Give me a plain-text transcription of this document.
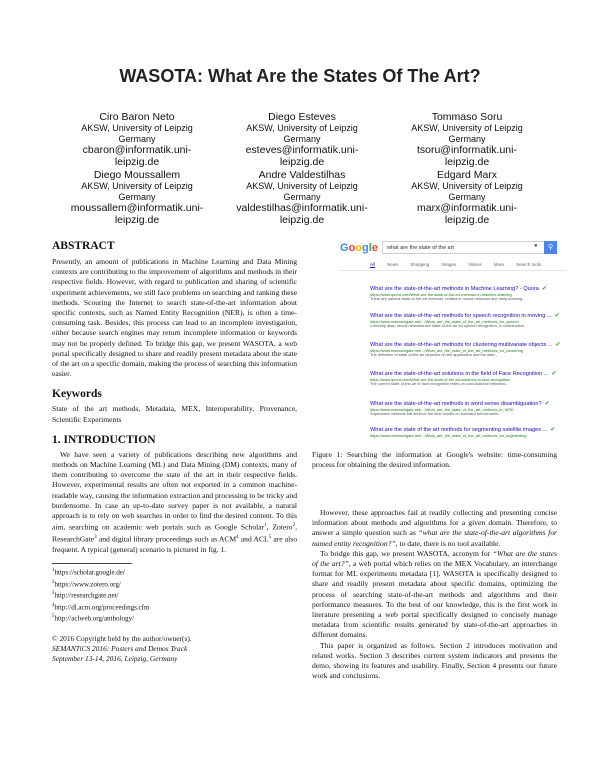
WASOTA: What Are the States Of The Art?
Ciro Baron Neto
AKSW, University of Leipzig
Germany
cbaron@informatik.uni-
leipzig.de
Diego Esteves
AKSW, University of Leipzig
Germany
esteves@informatik.uni-
leipzig.de
Tommaso Soru
AKSW, University of Leipzig
Germany
tsoru@informatik.uni-
leipzig.de
Diego Moussallem
AKSW, University of Leipzig
Germany
moussallem@informatik.uni-
leipzig.de
Andre Valdestilhas
AKSW, University of Leipzig
Germany
valdestilhas@informatik.uni-
leipzig.de
Edgard Marx
AKSW, University of Leipzig
Germany
marx@informatik.uni-
leipzig.de
ABSTRACT

Presently, an amount of publications in Machine Learning and Data Mining contexts are contributing to the improvement of algorithms and methods in their respective fields. However, with regard to publication and sharing of scientific experiment achievements, we still face problems on searching and ranking these methods. Scouring the Internet to search state-of-the-art information about specific contexts, such as Named Entity Recognition (NER), is often a time-consuming task. Besides, this process can lead to an incomplete investigation, either because search engines may return incomplete information or keywords may not be properly defined. To bridge this gap, we present WASOTA, a web portal specifically designed to share and readily present metadata about the state of the art on a specific domain, making the process of searching this information easier.

Keywords

State of the art methods, Metadata, MEX, Interoperability, Provenance, Scientific Experiments

1. INTRODUCTION

We have seen a variety of publications describing new algorithms and methods on Machine Learning (ML) and Data Mining (DM) contexts, many of them contributing to overcome the state of the art in their respective fields. However, experimental results are often not exported in a common machine-readable way, causing the information extraction and processing to be tricky and burdensome. In case an up-to-date survey paper is not available, a natural approach is to rely on web searches in order to find the desired content. To this aim, searching on academic web portals such as Google Scholar$^1$, Zotero$^2$, ResearchGate$^3$ and digital library proceedings such as ACM$^4$ and ACL$^5$ are also frequent. A typical (general) scenario is pictured in fig. 1.

$^1$https://scholar.google.de/
$^2$https://www.zotero.org/
$^3$http://researchgate.net/
$^4$http://dl.acm.org/proceedings.cfm
$^5$http://aclweb.org/anthology/
© 2016 Copyright held by the author/owner(s).
SEMANTiCS 2016: Posters and Demos Track
September 13-14, 2016, Leipzig, Germany
Google	what are the state of the art	●	⚲
All	News	Shopping	Images	Videos	More	Search tools
What are the state-of-the-art methods in Machine Learning? - Quora ✔
https://www.quora.com/What-are-the-state-of-the-art-methods-in-machine-learning
There are various state-of-the-art methods, related to neural networks and deep learning...
What are the state-of-the-art methods for speech recognition in moving ... ✔
https://www.researchgate.net/.../What_are_the_state_of_the_art_methods_for_speech
Currently deep neural networks are state-of-the-art for speech recognition, in combination...
What are the state-of-the-art methods for clustering multivariate objects ... ✔
https://www.researchgate.net/.../What_are_the_state_of_the_art_methods_for_clustering
The definition of state-of-the-art depends on the application and the data...
What are the state-of-the-art solutions in the field of Face Recognition ... ✔
https://www.quora.com/What-are-the-state-of-the-art-solutions-in-face-recognition
The current state-of-the-art in face recognition relies on convolutional networks...
What are the state-of-the-art methods in word sense disambiguation? ✔
https://www.researchgate.net/.../What_are_the_state_of_the_art_methods_in_WSD
Supervised methods still achieve the best results on standard benchmarks...
What are the state of the art methods for segmenting satellite images ... ✔
https://www.researchgate.net/.../What_are_the_state_of_the_art_methods_for_segmenting
Figure 1: Searching the information at Google's website: time-consuming process for obtaining the desired information.

However, these approaches fail at readily collecting and presenting concise information about methods and algorithms for a given domain. Therefore, to answer a simple question such as “what are the state-of-the-art algorithms for named entity recognition?”, to date, there is no tool available.

To bridge this gap, we present WASOTA, acronym for “What are the states of the art?”, a web portal which relies on the MEX Vocabulary, an interchange format for ML experiments metadata [1]. WASOTA is specifically designed to share and readily present metadata about specific domains, optimizing the process of searching state-of-the-art methods and algorithms and their performance measures. To the best of our knowledge, this is the first work in literature presenting a web portal specifically designed to concisely manage metadata from scientific results generated by state-of-the-art approaches in different domains.

This paper is organized as follows. Section 2 introduces motivation and related works. Section 3 describes current system indicators and presents the demo, showing its features and usability. Finally, Section 4 presents our future work and conclusions.
